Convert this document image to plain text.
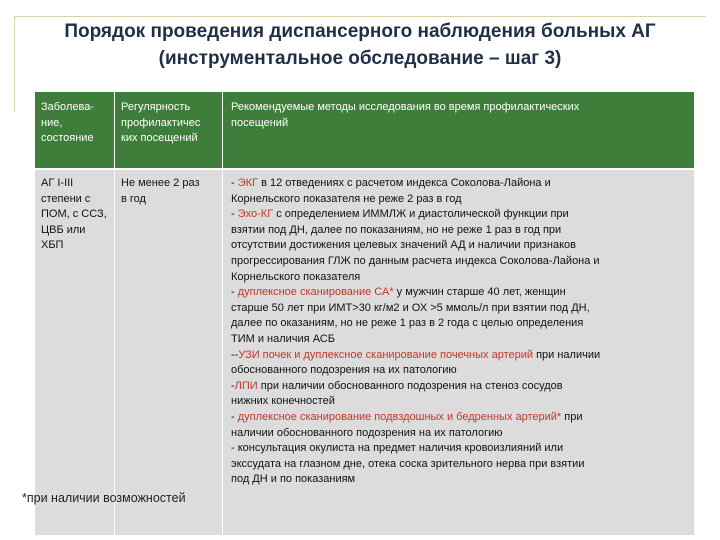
Порядок проведения диспансерного наблюдения больных АГ
(инструментальное обследование – шаг 3)
Заболева-
ние,
состояние
Регулярность
профилактичес
ких посещений
Рекомендуемые методы исследования во время профилактических
посещений
АГ I-III
степени с
ПОМ, с ССЗ,
ЦВБ или
ХБП
Не менее 2 раз
в год
- ЭКГ в 12 отведениях с расчетом индекса Соколова-Лайона и
Корнельского показателя не реже 2 раз в год
- Эхо-КГ с определением ИММЛЖ и диастолической функции при
взятии под ДН, далее по показаниям, но не реже 1 раз в год при
отсутствии достижения целевых значений АД и наличии признаков
прогрессирования ГЛЖ по данным расчета индекса Соколова-Лайона и
Корнельского показателя
- дуплексное сканирование СА* у мужчин старше 40 лет, женщин
старше 50 лет при ИМТ>30 кг/м2 и ОХ >5 ммоль/л при взятии под ДН,
далее по оказаниям, но не реже 1 раз в 2 года с целью определения
ТИМ и наличия АСБ
--УЗИ почек и дуплексное сканирование почечных артерий при наличии
обоснованного подозрения на их патологию
-ЛПИ при наличии обоснованного подозрения на стеноз сосудов
нижних конечностей
- дуплексное сканирование подвздошных и бедренных артерий* при
наличии обоснованного подозрения на их патологию
- консультация окулиста на предмет наличия кровоизлияний или
экссудата на глазном дне, отека соска зрительного нерва при взятии
под ДН и по показаниям
*при наличии возможностей
